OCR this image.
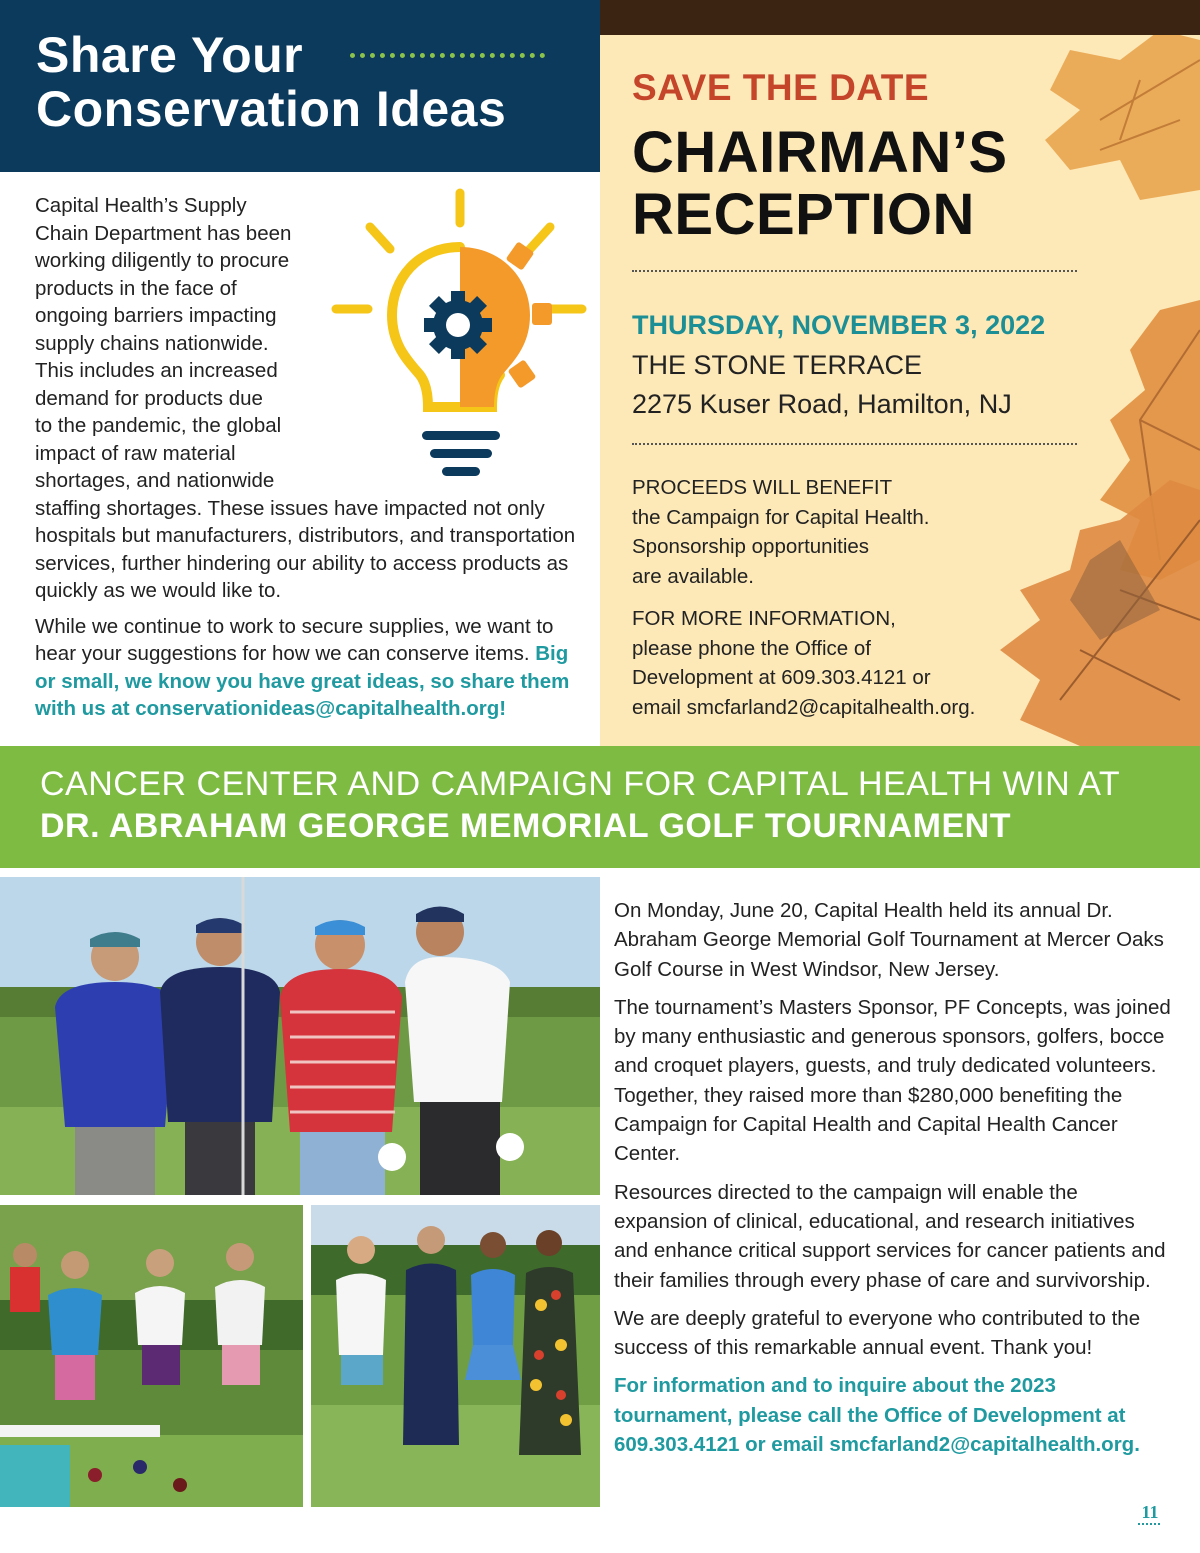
Share Your
Conservation Ideas

Capital Health’s Supply
Chain Department has been
working diligently to procure
products in the face of
ongoing barriers impacting
supply chains nationwide.
This includes an increased
demand for products due
to the pandemic, the global
impact of raw material
shortages, and nationwide
staffing shortages. These issues have impacted not only hospitals but manufacturers, distributors, and transportation services, further hindering our ability to access products as quickly as we would like to.

While we continue to work to secure supplies, we want to hear your suggestions for how we can conserve items. Big or small, we know you have great ideas, so share them with us at conservationideas@capitalhealth.org!

SAVE THE DATE
CHAIRMAN’S
RECEPTION
THURSDAY, NOVEMBER 3, 2022
THE STONE TERRACE
2275 Kuser Road, Hamilton, NJ

PROCEEDS WILL BENEFIT
the Campaign for Capital Health.
Sponsorship opportunities
are available.

FOR MORE INFORMATION,
please phone the Office of
Development at 609.303.4121 or
email smcfarland2@capitalhealth.org.

CANCER CENTER AND CAMPAIGN FOR CAPITAL HEALTH WIN AT
DR. ABRAHAM GEORGE MEMORIAL GOLF TOURNAMENT

On Monday, June 20, Capital Health held its annual Dr. Abraham George Memorial Golf Tournament at Mercer Oaks Golf Course in West Windsor, New Jersey.

The tournament’s Masters Sponsor, PF Concepts, was joined by many enthusiastic and generous sponsors, golfers, bocce and croquet players, guests, and truly dedicated volunteers. Together, they raised more than $280,000 benefiting the Campaign for Capital Health and Capital Health Cancer Center.

Resources directed to the campaign will enable the expansion of clinical, educational, and research initiatives and enhance critical support services for cancer patients and their families through every phase of care and survivorship.

We are deeply grateful to everyone who contributed to the success of this remarkable annual event. Thank you!

For information and to inquire about the 2023 tournament, please call the Office of Development at 609.303.4121 or email smcfarland2@capitalhealth.org.

11
